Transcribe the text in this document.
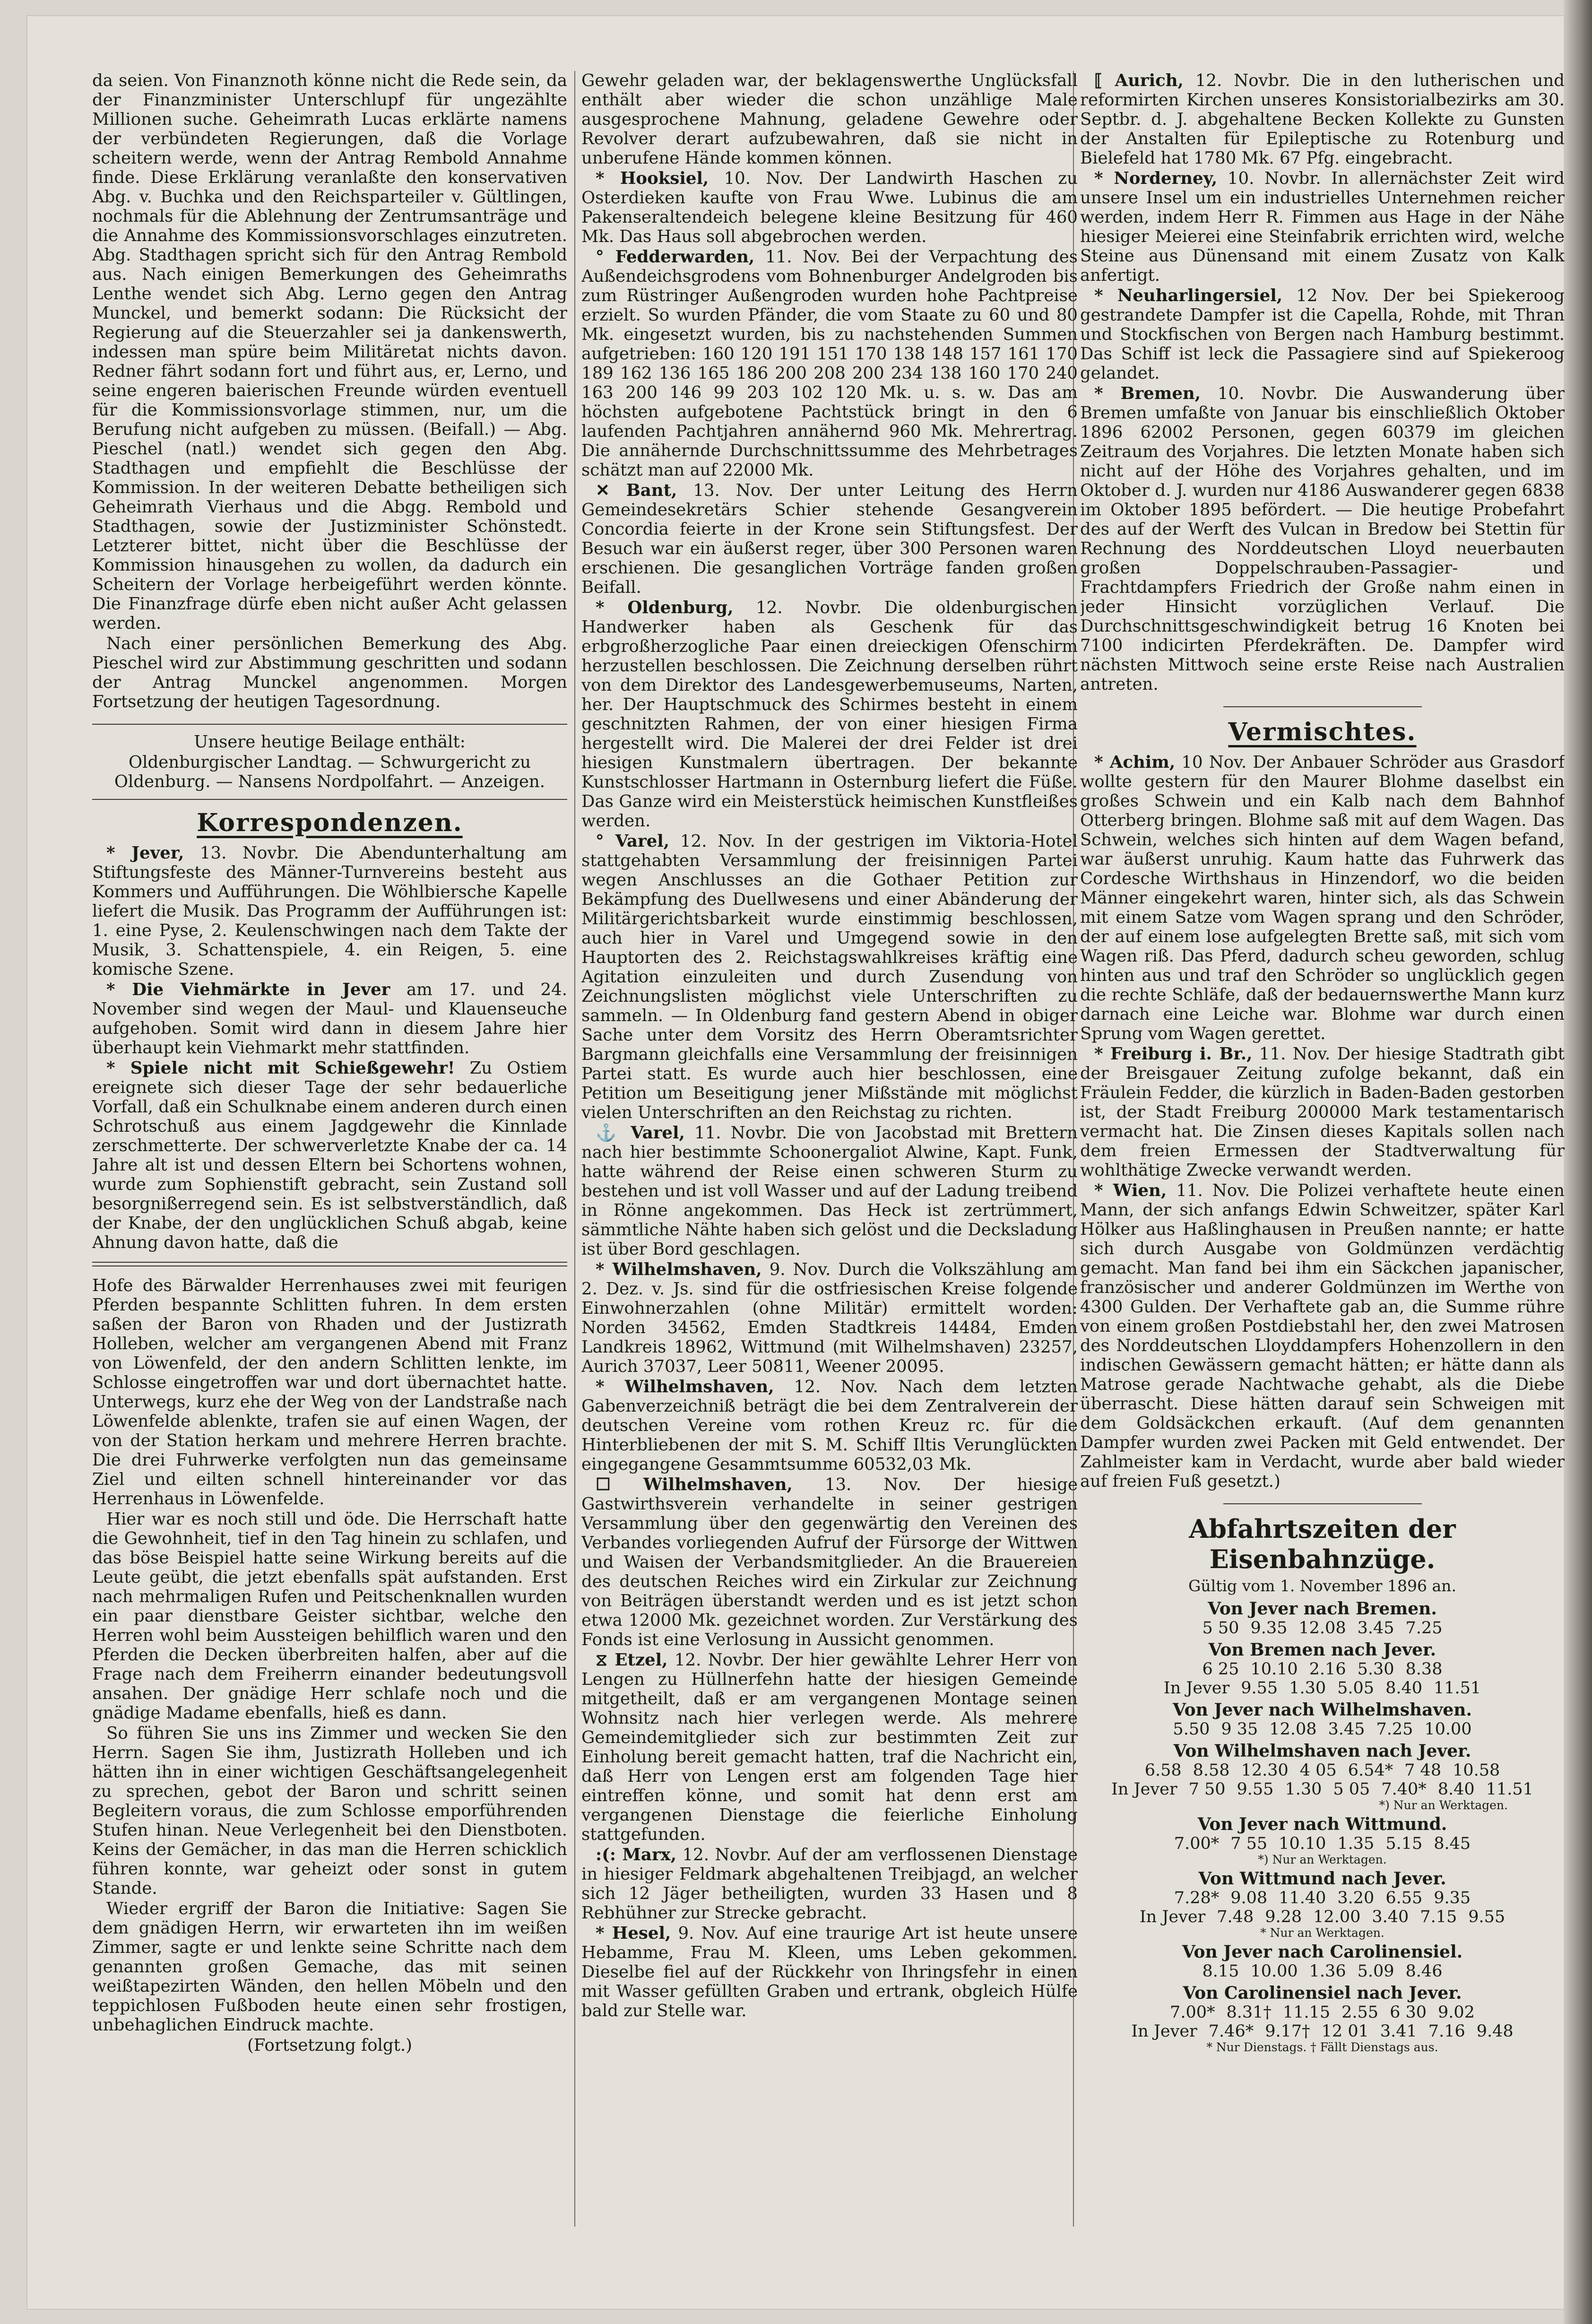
da seien. Von Finanznoth könne nicht die Rede sein, da der Finanzminister Unterschlupf für ungezählte Millionen suche. Geheimrath Lucas erklärte namens der verbündeten Regierungen, daß die Vorlage scheitern werde, wenn der Antrag Rembold Annahme finde. Diese Erklärung veranlaßte den konservativen Abg. v. Buchka und den Reichsparteiler v. Gültlingen, nochmals für die Ablehnung der Zentrumsanträge und die Annahme des Kommissionsvorschlages einzutreten. Abg. Stadthagen spricht sich für den Antrag Rembold aus. Nach einigen Bemerkungen des Geheimraths Lenthe wendet sich Abg. Lerno gegen den Antrag Munckel, und bemerkt sodann: Die Rücksicht der Regierung auf die Steuerzahler sei ja dankenswerth, indessen man spüre beim Militäretat nichts davon. Redner fährt sodann fort und führt aus, er, Lerno, und seine engeren baierischen Freunde würden eventuell für die Kommissionsvorlage stimmen, nur, um die Berufung nicht aufgeben zu müssen. (Beifall.) — Abg. Pieschel (natl.) wendet sich gegen den Abg. Stadthagen und empfiehlt die Beschlüsse der Kommission. In der weiteren Debatte betheiligen sich Geheimrath Vierhaus und die Abgg. Rembold und Stadthagen, sowie der Justizminister Schönstedt. Letzterer bittet, nicht über die Beschlüsse der Kommission hinausgehen zu wollen, da dadurch ein Scheitern der Vorlage herbeigeführt werden könnte. Die Finanzfrage dürfe eben nicht außer Acht gelassen werden.

Nach einer persönlichen Bemerkung des Abg. Pieschel wird zur Abstimmung geschritten und sodann der Antrag Munckel angenommen. Morgen Fortsetzung der heutigen Tagesordnung.

Unsere heutige Beilage enthält:

Oldenburgischer Landtag. — Schwurgericht zu Oldenburg. — Nansens Nordpolfahrt. — Anzeigen.

Korrespondenzen.

* Jever, 13. Novbr. Die Abendunterhaltung am Stiftungsfeste des Männer-Turnvereins besteht aus Kommers und Aufführungen. Die Wöhlbiersche Kapelle liefert die Musik. Das Programm der Aufführungen ist: 1. eine Pyse, 2. Keulenschwingen nach dem Takte der Musik, 3. Schattenspiele, 4. ein Reigen, 5. eine komische Szene.

* Die Viehmärkte in Jever am 17. und 24. November sind wegen der Maul- und Klauenseuche aufgehoben. Somit wird dann in diesem Jahre hier überhaupt kein Viehmarkt mehr stattfinden.

* Spiele nicht mit Schießgewehr! Zu Ostiem ereignete sich dieser Tage der sehr bedauerliche Vorfall, daß ein Schulknabe einem anderen durch einen Schrotschuß aus einem Jagdgewehr die Kinnlade zerschmetterte. Der schwerverletzte Knabe der ca. 14 Jahre alt ist und dessen Eltern bei Schortens wohnen, wurde zum Sophienstift gebracht, sein Zustand soll besorgnißerregend sein. Es ist selbstverständlich, daß der Knabe, der den unglücklichen Schuß abgab, keine Ahnung davon hatte, daß die

Hofe des Bärwalder Herrenhauses zwei mit feurigen Pferden bespannte Schlitten fuhren. In dem ersten saßen der Baron von Rhaden und der Justizrath Holleben, welcher am vergangenen Abend mit Franz von Löwenfeld, der den andern Schlitten lenkte, im Schlosse eingetroffen war und dort übernachtet hatte. Unterwegs, kurz ehe der Weg von der Landstraße nach Löwenfelde ablenkte, trafen sie auf einen Wagen, der von der Station herkam und mehrere Herren brachte. Die drei Fuhrwerke verfolgten nun das gemeinsame Ziel und eilten schnell hintereinander vor das Herrenhaus in Löwenfelde.

Hier war es noch still und öde. Die Herrschaft hatte die Gewohnheit, tief in den Tag hinein zu schlafen, und das böse Beispiel hatte seine Wirkung bereits auf die Leute geübt, die jetzt ebenfalls spät aufstanden. Erst nach mehrmaligen Rufen und Peitschenknallen wurden ein paar dienstbare Geister sichtbar, welche den Herren wohl beim Aussteigen behilflich waren und den Pferden die Decken überbreiten halfen, aber auf die Frage nach dem Freiherrn einander bedeutungsvoll ansahen. Der gnädige Herr schlafe noch und die gnädige Madame ebenfalls, hieß es dann.

So führen Sie uns ins Zimmer und wecken Sie den Herrn. Sagen Sie ihm, Justizrath Holleben und ich hätten ihn in einer wichtigen Geschäftsangelegenheit zu sprechen, gebot der Baron und schritt seinen Begleitern voraus, die zum Schlosse emporführenden Stufen hinan. Neue Verlegenheit bei den Dienstboten. Keins der Gemächer, in das man die Herren schicklich führen konnte, war geheizt oder sonst in gutem Stande.

Wieder ergriff der Baron die Initiative: Sagen Sie dem gnädigen Herrn, wir erwarteten ihn im weißen Zimmer, sagte er und lenkte seine Schritte nach dem genannten großen Gemache, das mit seinen weißtapezirten Wänden, den hellen Möbeln und den teppichlosen Fußboden heute einen sehr frostigen, unbehaglichen Eindruck machte.

(Fortsetzung folgt.)

Gewehr geladen war, der beklagenswerthe Unglücksfall enthält aber wieder die schon unzählige Male ausgesprochene Mahnung, geladene Gewehre oder Revolver derart aufzubewahren, daß sie nicht in unberufene Hände kommen können.

* Hooksiel, 10. Nov. Der Landwirth Haschen zu Osterdieken kaufte von Frau Wwe. Lubinus die am Pakenseraltendeich belegene kleine Besitzung für 460 Mk. Das Haus soll abgebrochen werden.

° Fedderwarden, 11. Nov. Bei der Verpachtung des Außendeichsgrodens vom Bohnenburger Andelgroden bis zum Rüstringer Außengroden wurden hohe Pachtpreise erzielt. So wurden Pfänder, die vom Staate zu 60 und 80 Mk. eingesetzt wurden, bis zu nachstehenden Summen aufgetrieben: 160 120 191 151 170 138 148 157 161 170 189 162 136 165 186 200 208 200 234 138 160 170 240 163 200 146 99 203 102 120 Mk. u. s. w. Das am höchsten aufgebotene Pachtstück bringt in den 6 laufenden Pachtjahren annähernd 960 Mk. Mehrertrag. Die annähernde Durchschnittssumme des Mehrbetrages schätzt man auf 22000 Mk.

✕ Bant, 13. Nov. Der unter Leitung des Herrn Gemeindesekretärs Schier stehende Gesangverein Concordia feierte in der Krone sein Stiftungsfest. Der Besuch war ein äußerst reger, über 300 Personen waren erschienen. Die gesanglichen Vorträge fanden großen Beifall.

* Oldenburg, 12. Novbr. Die oldenburgischen Handwerker haben als Geschenk für das erbgroßherzogliche Paar einen dreieckigen Ofenschirm herzustellen beschlossen. Die Zeichnung derselben rührt von dem Direktor des Landesgewerbemuseums, Narten, her. Der Hauptschmuck des Schirmes besteht in einem geschnitzten Rahmen, der von einer hiesigen Firma hergestellt wird. Die Malerei der drei Felder ist drei hiesigen Kunstmalern übertragen. Der bekannte Kunstschlosser Hartmann in Osternburg liefert die Füße. Das Ganze wird ein Meisterstück heimischen Kunstfleißes werden.

° Varel, 12. Nov. In der gestrigen im Viktoria-Hotel stattgehabten Versammlung der freisinnigen Partei wegen Anschlusses an die Gothaer Petition zur Bekämpfung des Duellwesens und einer Abänderung der Militärgerichtsbarkeit wurde einstimmig beschlossen, auch hier in Varel und Umgegend sowie in den Hauptorten des 2. Reichstagswahlkreises kräftig eine Agitation einzuleiten und durch Zusendung von Zeichnungslisten möglichst viele Unterschriften zu sammeln. — In Oldenburg fand gestern Abend in obiger Sache unter dem Vorsitz des Herrn Oberamtsrichter Bargmann gleichfalls eine Versammlung der freisinnigen Partei statt. Es wurde auch hier beschlossen, eine Petition um Beseitigung jener Mißstände mit möglichst vielen Unterschriften an den Reichstag zu richten.

⚓ Varel, 11. Novbr. Die von Jacobstad mit Brettern nach hier bestimmte Schoonergaliot Alwine, Kapt. Funk, hatte während der Reise einen schweren Sturm zu bestehen und ist voll Wasser und auf der Ladung treibend in Rönne angekommen. Das Heck ist zertrümmert, sämmtliche Nähte haben sich gelöst und die Decksladung ist über Bord geschlagen.

* Wilhelmshaven, 9. Nov. Durch die Volkszählung am 2. Dez. v. Js. sind für die ostfriesischen Kreise folgende Einwohnerzahlen (ohne Militär) ermittelt worden: Norden 34562, Emden Stadtkreis 14484, Emden Landkreis 18962, Wittmund (mit Wilhelmshaven) 23257, Aurich 37037, Leer 50811, Weener 20095.

* Wilhelmshaven, 12. Nov. Nach dem letzten Gabenverzeichniß beträgt die bei dem Zentralverein der deutschen Vereine vom rothen Kreuz rc. für die Hinterbliebenen der mit S. M. Schiff Iltis Verunglückten eingegangene Gesammtsumme 60532,03 Mk.

☐ Wilhelmshaven, 13. Nov. Der hiesige Gastwirthsverein verhandelte in seiner gestrigen Versammlung über den gegenwärtig den Vereinen des Verbandes vorliegenden Aufruf der Fürsorge der Wittwen und Waisen der Verbandsmitglieder. An die Brauereien des deutschen Reiches wird ein Zirkular zur Zeichnung von Beiträgen überstandt werden und es ist jetzt schon etwa 12000 Mk. gezeichnet worden. Zur Verstärkung des Fonds ist eine Verlosung in Aussicht genommen.

⧖ Etzel, 12. Novbr. Der hier gewählte Lehrer Herr von Lengen zu Hüllnerfehn hatte der hiesigen Gemeinde mitgetheilt, daß er am vergangenen Montage seinen Wohnsitz nach hier verlegen werde. Als mehrere Gemeindemitglieder sich zur bestimmten Zeit zur Einholung bereit gemacht hatten, traf die Nachricht ein, daß Herr von Lengen erst am folgenden Tage hier eintreffen könne, und somit hat denn erst am vergangenen Dienstage die feierliche Einholung stattgefunden.

:(: Marx, 12. Novbr. Auf der am verflossenen Dienstage in hiesiger Feldmark abgehaltenen Treibjagd, an welcher sich 12 Jäger betheiligten, wurden 33 Hasen und 8 Rebhühner zur Strecke gebracht.

* Hesel, 9. Nov. Auf eine traurige Art ist heute unsere Hebamme, Frau M. Kleen, ums Leben gekommen. Dieselbe fiel auf der Rückkehr von Ihringsfehr in einen mit Wasser gefüllten Graben und ertrank, obgleich Hülfe bald zur Stelle war.

⟦ Aurich, 12. Novbr. Die in den lutherischen und reformirten Kirchen unseres Konsistorialbezirks am 30. Septbr. d. J. abgehaltene Becken Kollekte zu Gunsten der Anstalten für Epileptische zu Rotenburg und Bielefeld hat 1780 Mk. 67 Pfg. eingebracht.

* Norderney, 10. Novbr. In allernächster Zeit wird unsere Insel um ein industrielles Unternehmen reicher werden, indem Herr R. Fimmen aus Hage in der Nähe hiesiger Meierei eine Steinfabrik errichten wird, welche Steine aus Dünensand mit einem Zusatz von Kalk anfertigt.

* Neuharlingersiel, 12 Nov. Der bei Spiekeroog gestrandete Dampfer ist die Capella, Rohde, mit Thran und Stockfischen von Bergen nach Hamburg bestimmt. Das Schiff ist leck die Passagiere sind auf Spiekeroog gelandet.

* Bremen, 10. Novbr. Die Auswanderung über Bremen umfaßte von Januar bis einschließlich Oktober 1896 62002 Personen, gegen 60379 im gleichen Zeitraum des Vorjahres. Die letzten Monate haben sich nicht auf der Höhe des Vorjahres gehalten, und im Oktober d. J. wurden nur 4186 Auswanderer gegen 6838 im Oktober 1895 befördert. — Die heutige Probefahrt des auf der Werft des Vulcan in Bredow bei Stettin für Rechnung des Norddeutschen Lloyd neuerbauten großen Doppelschrauben-Passagier- und Frachtdampfers Friedrich der Große nahm einen in jeder Hinsicht vorzüglichen Verlauf. Die Durchschnittsgeschwindigkeit betrug 16 Knoten bei 7100 indicirten Pferdekräften. De. Dampfer wird nächsten Mittwoch seine erste Reise nach Australien antreten.

Vermischtes.

* Achim, 10 Nov. Der Anbauer Schröder aus Grasdorf wollte gestern für den Maurer Blohme daselbst ein großes Schwein und ein Kalb nach dem Bahnhof Otterberg bringen. Blohme saß mit auf dem Wagen. Das Schwein, welches sich hinten auf dem Wagen befand, war äußerst unruhig. Kaum hatte das Fuhrwerk das Cordesche Wirthshaus in Hinzendorf, wo die beiden Männer eingekehrt waren, hinter sich, als das Schwein mit einem Satze vom Wagen sprang und den Schröder, der auf einem lose aufgelegten Brette saß, mit sich vom Wagen riß. Das Pferd, dadurch scheu geworden, schlug hinten aus und traf den Schröder so unglücklich gegen die rechte Schläfe, daß der bedauernswerthe Mann kurz darnach eine Leiche war. Blohme war durch einen Sprung vom Wagen gerettet.

* Freiburg i. Br., 11. Nov. Der hiesige Stadtrath gibt der Breisgauer Zeitung zufolge bekannt, daß ein Fräulein Fedder, die kürzlich in Baden-Baden gestorben ist, der Stadt Freiburg 200000 Mark testamentarisch vermacht hat. Die Zinsen dieses Kapitals sollen nach dem freien Ermessen der Stadtverwaltung für wohlthätige Zwecke verwandt werden.

* Wien, 11. Nov. Die Polizei verhaftete heute einen Mann, der sich anfangs Edwin Schweitzer, später Karl Hölker aus Haßlinghausen in Preußen nannte; er hatte sich durch Ausgabe von Goldmünzen verdächtig gemacht. Man fand bei ihm ein Säckchen japanischer, französischer und anderer Goldmünzen im Werthe von 4300 Gulden. Der Verhaftete gab an, die Summe rühre von einem großen Postdiebstahl her, den zwei Matrosen des Norddeutschen Lloyddampfers Hohenzollern in den indischen Gewässern gemacht hätten; er hätte dann als Matrose gerade Nachtwache gehabt, als die Diebe überrascht. Diese hätten darauf sein Schweigen mit dem Goldsäckchen erkauft. (Auf dem genannten Dampfer wurden zwei Packen mit Geld entwendet. Der Zahlmeister kam in Verdacht, wurde aber bald wieder auf freien Fuß gesetzt.)

Abfahrtszeiten der Eisenbahnzüge.
Gültig vom 1. November 1896 an.
Von Jever nach Bremen.
5 50 9.35 12.08 3.45 7.25
Von Bremen nach Jever.
6 25 10.10 2.16 5.30 8.38
In Jever 9.55 1.30 5.05 8.40 11.51
Von Jever nach Wilhelmshaven.
5.50 9 35 12.08 3.45 7.25 10.00
Von Wilhelmshaven nach Jever.
6.58 8.58 12.30 4 05 6.54* 7 48 10.58
In Jever 7 50 9.55 1.30 5 05 7.40* 8.40 11.51
*) Nur an Werktagen.
Von Jever nach Wittmund.
7.00* 7 55 10.10 1.35 5.15 8.45
*) Nur an Werktagen.
Von Wittmund nach Jever.
7.28* 9.08 11.40 3.20 6.55 9.35
In Jever 7.48 9.28 12.00 3.40 7.15 9.55
* Nur an Werktagen.
Von Jever nach Carolinensiel.
8.15 10.00 1.36 5.09 8.46
Von Carolinensiel nach Jever.
7.00* 8.31† 11.15 2.55 6 30 9.02
In Jever 7.46* 9.17† 12 01 3.41 7.16 9.48
* Nur Dienstags. † Fällt Dienstags aus.
